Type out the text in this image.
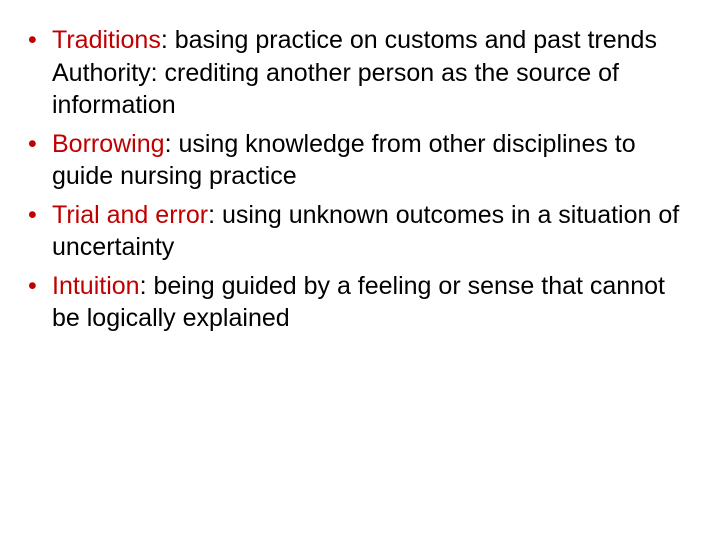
• Traditions: basing practice on customs and past trends Authority: crediting another person as the source of information
• Borrowing: using knowledge from other disciplines to guide nursing practice
• Trial and error: using unknown outcomes in a situation of uncertainty
• Intuition: being guided by a feeling or sense that cannot be logically explained
